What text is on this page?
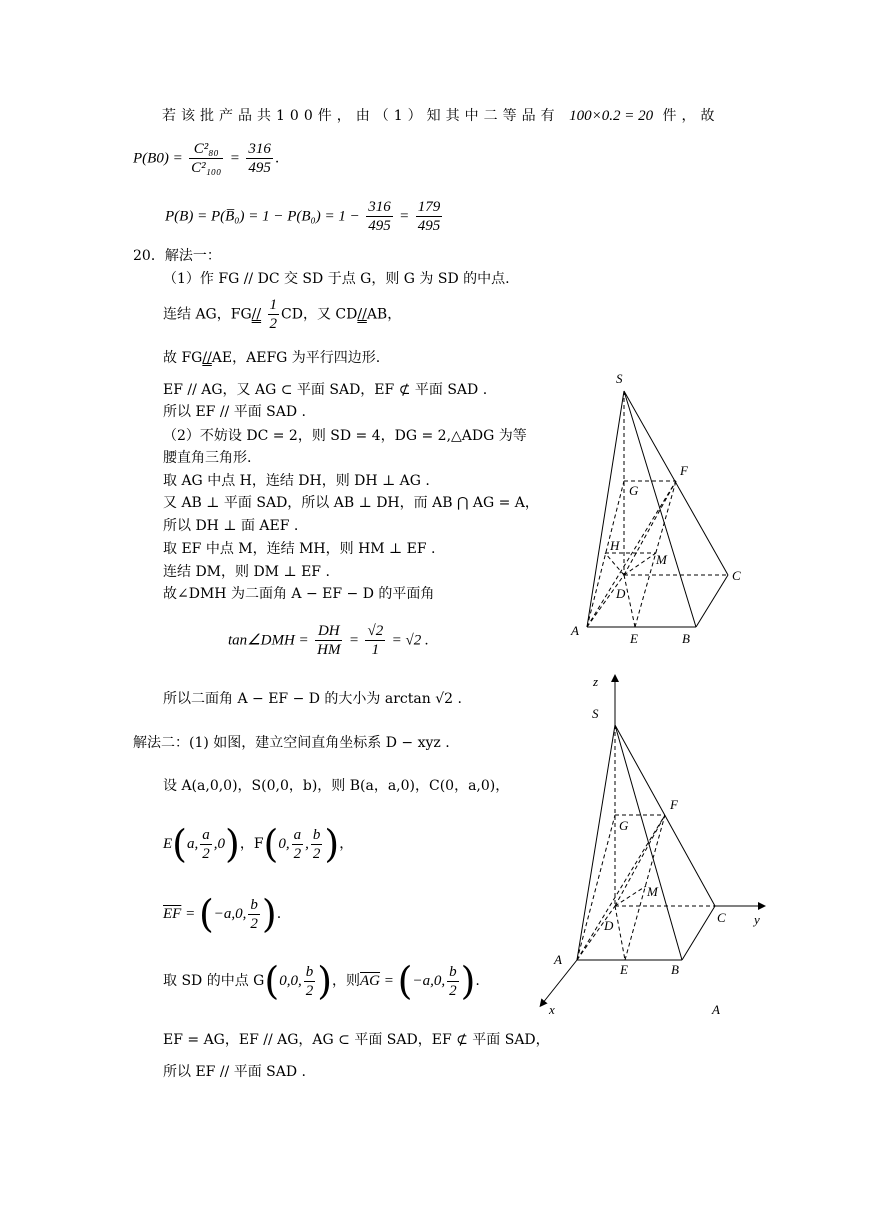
若该批产品共100件，由（1）知其中二等品有 100×0.2 = 20 件，故
$P(B0) = \frac{\text{C²₈₀}}{\text{C²₁₀₀}} = \frac{316}{495}$ .
P(B) = P(B̅₀) = $1 - P(B_0) = 1 - \frac{316}{495} = \frac{179}{495}$
20．解法一：
（1）作 FG // DC 交 SD 于点 G，则 G 为 SD 的中点.
连结 AG，$FG// \frac{1}{2}$ CD，又 CD//AB，
故 FG//AE，AEFG 为平行四边形.
EF // AG，又 AG ⊂ 平面 SAD，EF ⊄ 平面 SAD .
所以 EF // 平面 SAD .
（2）不妨设 DC = 2，则 SD = 4，DG = 2,△ADG 为等
腰直角三角形.
取 AG 中点 H，连结 DH，则 DH ⊥ AG .
又 AB ⊥ 平面 SAD，所以 AB ⊥ DH，而 AB ⋂ AG = A，
所以 DH ⊥ 面 AEF .
取 EF 中点 M，连结 MH，则 HM ⊥ EF .
连结 DM，则 DM ⊥ EF .
故∠DMH 为二面角 A − EF − D 的平面角
tan∠DMH = $\frac{DH}{HM} = \frac{√2}{1} = √2$ .
所以二面角 A − EF − D 的大小为 arctan √2 .
解法二：(1) 如图，建立空间直角坐标系 D − xyz .
设 A(a,0,0)，S(0,0，b)，则 B(a，a,0)，C(0，a,0)，
E(a, $\frac{a}{2} ,0$)，F(0, $\frac{a}{2}$ , $\frac{b}{2}$ )，
$\overline{EF} = (-a,0$, $\frac{b}{2}$ ).
取 SD 的中点 G(0,0, $\frac{b}{2}$ )，则$\overline{AG} = (-a,0$, $\frac{b}{2}$ ).
EF = AG，EF // AG，AG ⊂ 平面 SAD，EF ⊄ 平面 SAD，
所以 EF // 平面 SAD .
S
F
G
H
M
C
D
A
E	B
z
S
F
G
M
C y
D
A
E	B
x	A
